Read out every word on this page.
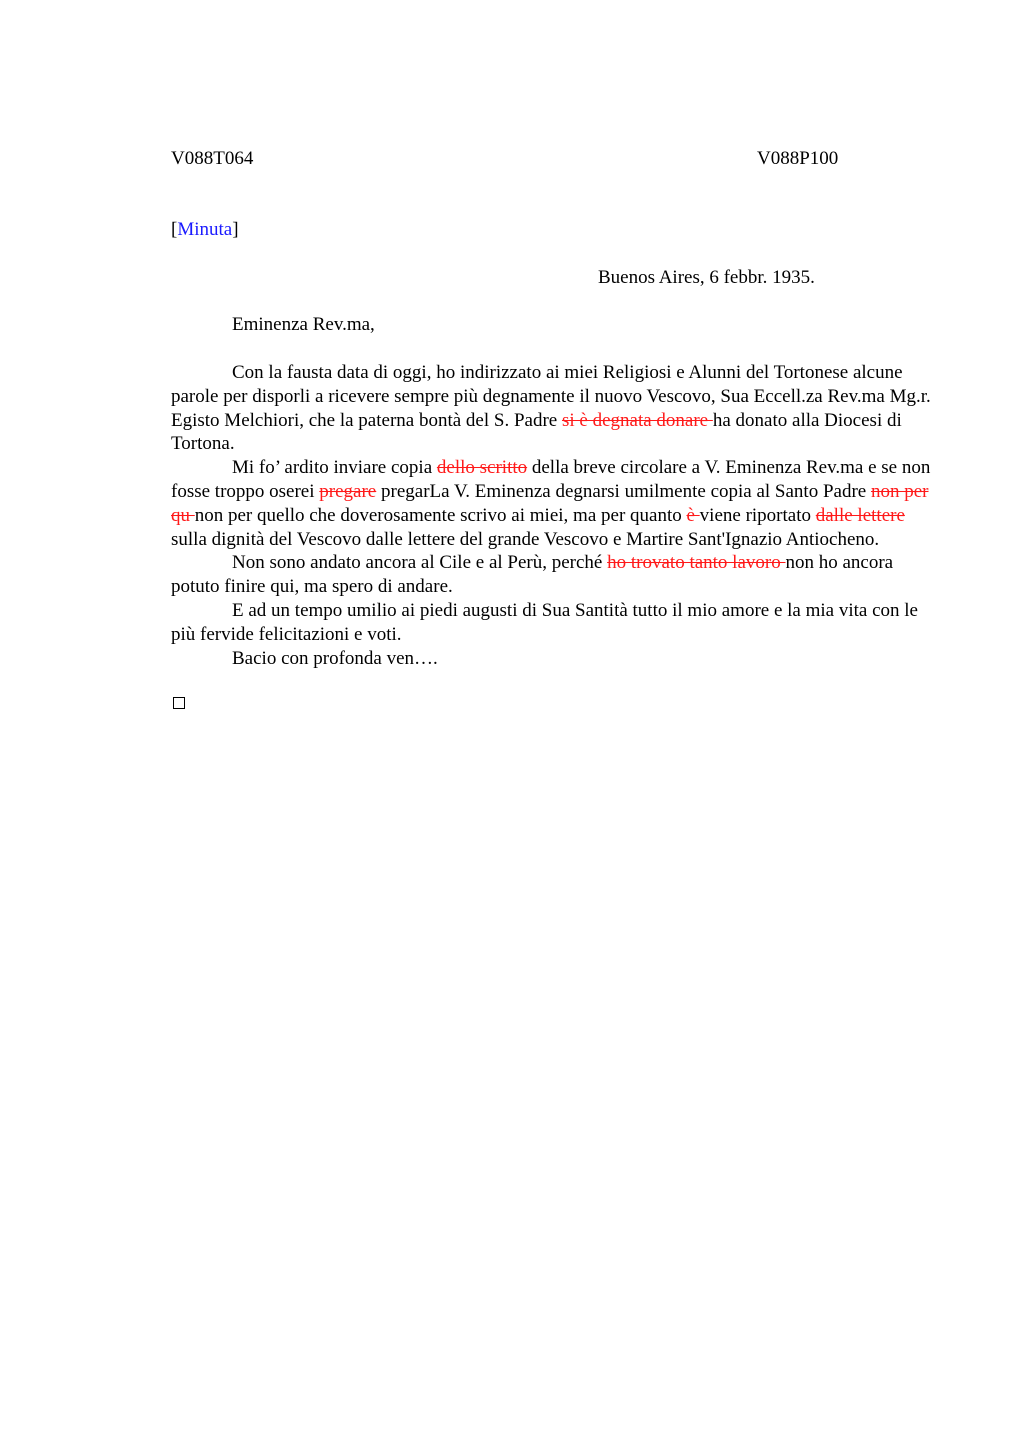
V088T064	V088P100
[Minuta]
Buenos Aires, 6 febbr. 1935.
Eminenza Rev.ma,

Con la fausta data di oggi, ho indirizzato ai miei Religiosi e Alunni del Tortonese alcune parole per disporli a ricevere sempre più degnamente il nuovo Vescovo, Sua Eccell.za Rev.ma Mg.r. Egisto Melchiori, che la paterna bontà del S. Padre si è degnata donare ha donato alla Diocesi di Tortona.

Mi fo’ ardito inviare copia dello scritto della breve circolare a V. Eminenza Rev.ma e se non fosse troppo oserei pregare pregarLa V. Eminenza degnarsi umilmente copia al Santo Padre non per qu non per quello che doverosamente scrivo ai miei, ma per quanto è viene riportato dalle lettere sulla dignità del Vescovo dalle lettere del grande Vescovo e Martire Sant'Ignazio Antiocheno.

Non sono andato ancora al Cile e al Perù, perché ho trovato tanto lavoro non ho ancora potuto finire qui, ma spero di andare.

E ad un tempo umilio ai piedi augusti di Sua Santità tutto il mio amore e la mia vita con le più fervide felicitazioni e voti.

Bacio con profonda ven….
